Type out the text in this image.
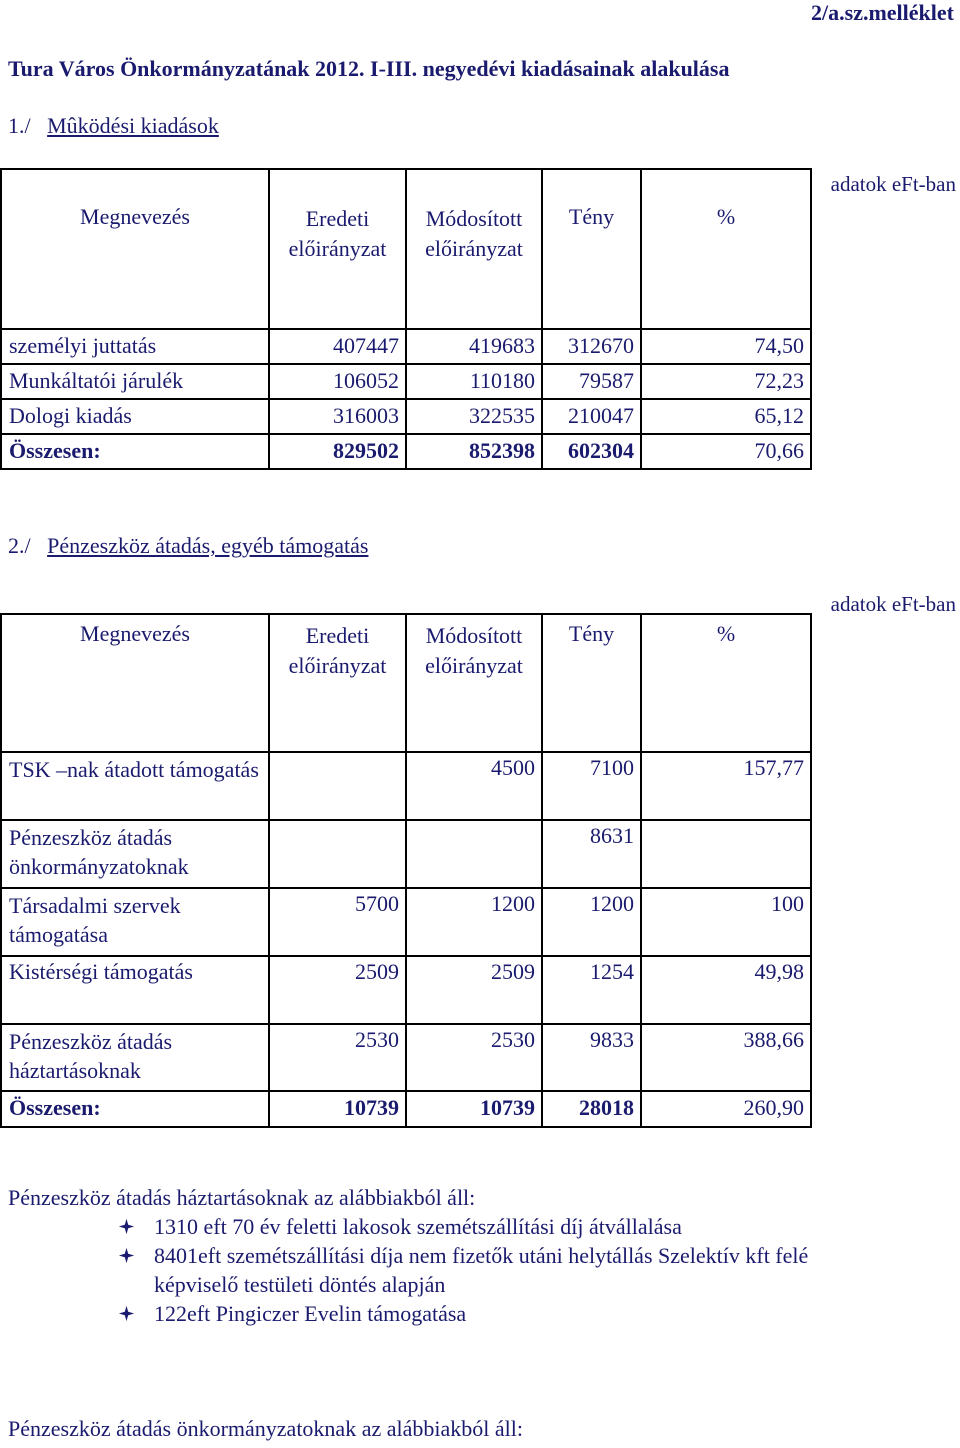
2/a.sz.melléklet
Tura Város Önkormányzatának 2012. I-III. negyedévi kiadásainak alakulása
1./ Mûködési kiadások
adatok eFt-ban
Megnevezés	Eredeti előirányzat	Módosított előirányzat	Tény	%

személyi juttatás	407447	419683	312670	74,50
Munkáltatói járulék	106052	110180	79587	72,23
Dologi kiadás	316003	322535	210047	65,12
Összesen:	829502	852398	602304	70,66
2./ Pénzeszköz átadás, egyéb támogatás
adatok eFt-ban
Megnevezés	Eredeti előirányzat	Módosított előirányzat	Tény	%

TSK –nak átadott támogatás		4500	7100	157,77
Pénzeszköz átadás önkormányzatoknak			8631	
Társadalmi szervek támogatása	5700	1200	1200	100
Kistérségi támogatás	2509	2509	1254	49,98
Pénzeszköz átadás háztartásoknak	2530	2530	9833	388,66
Összesen:	10739	10739	28018	260,90
Pénzeszköz átadás háztartásoknak az alábbiakból áll:
1310 eft 70 év feletti lakosok szemétszállítási díj átvállalása
8401eft szemétszállítási díja nem fizetők utáni helytállás Szelektív kft felé
képviselő testületi döntés alapján
122eft Pingiczer Evelin támogatása
Pénzeszköz átadás önkormányzatoknak az alábbiakból áll:
